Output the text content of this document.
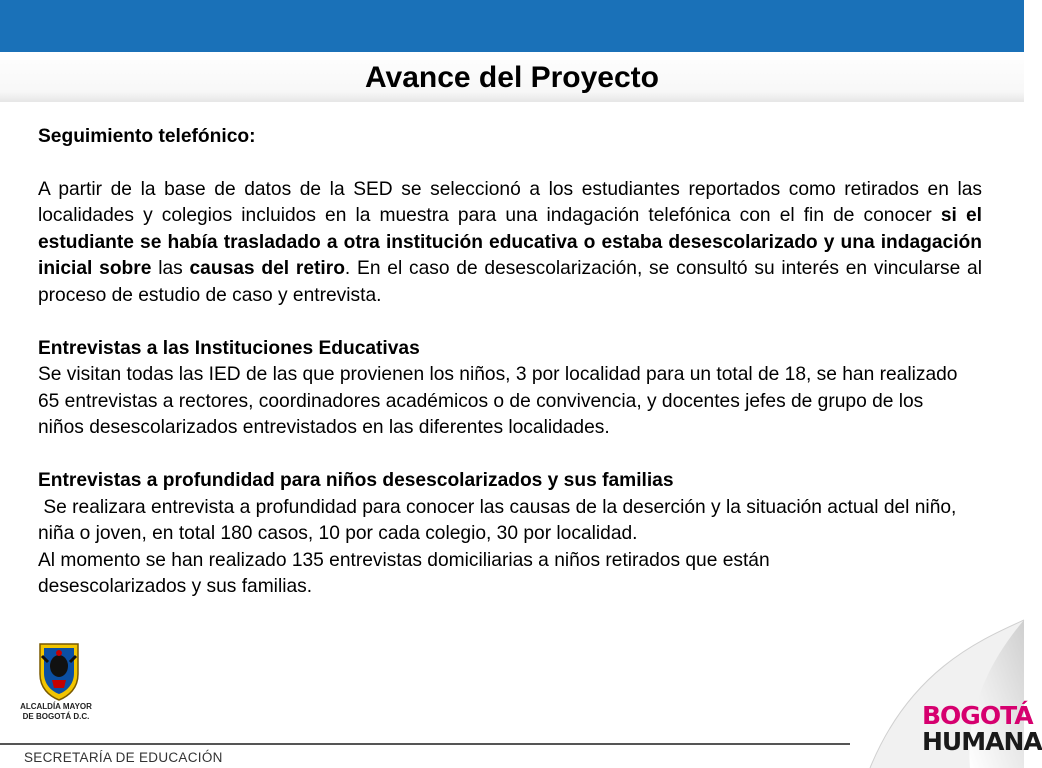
Avance del Proyecto

Seguimiento telefónico:

A partir de la base de datos de la SED se seleccionó a los estudiantes reportados como retirados en las localidades y colegios incluidos en la muestra para una indagación telefónica con el fin de conocer si el estudiante se había trasladado a otra institución educativa o estaba desescolarizado y una indagación inicial sobre las causas del retiro. En el caso de desescolarización, se consultó su interés en vincularse al proceso de estudio de caso y entrevista.

Entrevistas a las Instituciones Educativas

Se visitan todas las IED de las que provienen los niños, 3 por localidad para un total de 18, se han realizado 65 entrevistas a rectores, coordinadores académicos o de convivencia, y docentes jefes de grupo de los niños desescolarizados entrevistados en las diferentes localidades.

Entrevistas a profundidad para niños desescolarizados y sus familias

Se realizara entrevista a profundidad para conocer las causas de la deserción y la situación actual del niño, niña o joven, en total 180 casos, 10 por cada colegio, 30 por localidad.

Al momento se han realizado 135 entrevistas domiciliarias a niños retirados que están desescolarizados y sus familias.

ALCALDÍA MAYOR
DE BOGOTÁ D.C.
SECRETARÍA DE EDUCACIÓN
BOGOTÁ
HUMANA
